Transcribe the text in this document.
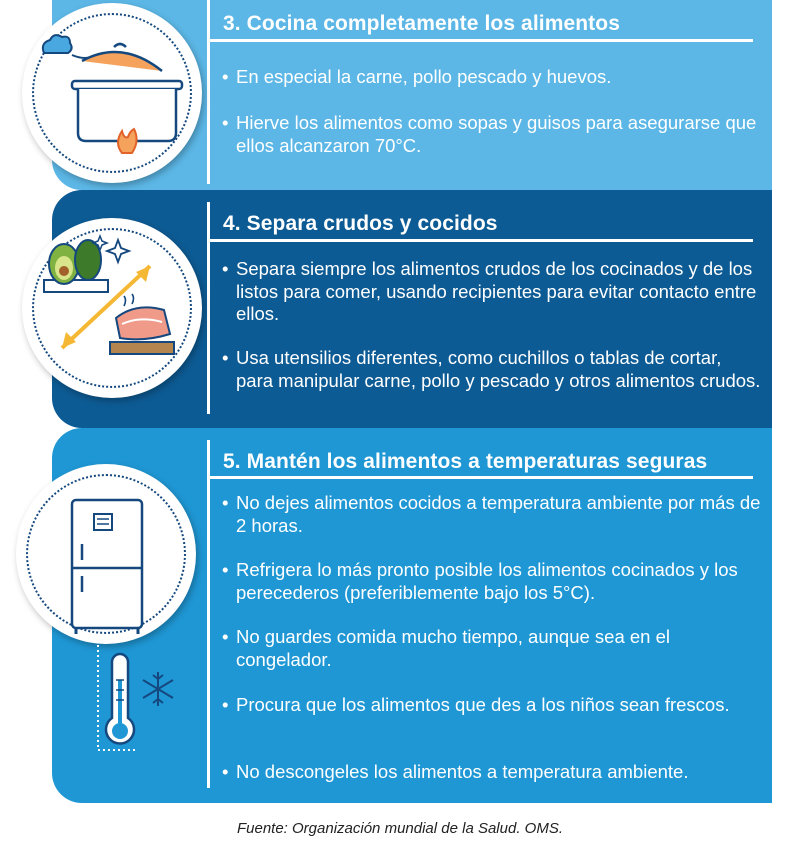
3. Cocina completamente los alimentos
• En especial la carne, pollo pescado y huevos.
• Hierve los alimentos como sopas y guisos para asegurarse que ellos alcanzaron 70°C.
4. Separa crudos y cocidos
• Separa siempre los alimentos crudos de los cocinados y de los listos para comer, usando recipientes para evitar contacto entre ellos.
• Usa utensilios diferentes, como cuchillos o tablas de cortar, para manipular carne, pollo y pescado y otros alimentos crudos.
5. Mantén los alimentos a temperaturas seguras
• No dejes alimentos cocidos a temperatura ambiente por más de 2 horas.
• Refrigera lo más pronto posible los alimentos cocinados y los perecederos (preferiblemente bajo los 5°C).
• No guardes comida mucho tiempo, aunque sea en el congelador.
• Procura que los alimentos que des a los niños sean frescos.
• No descongeles los alimentos a temperatura ambiente.
Fuente: Organización mundial de la Salud. OMS.
